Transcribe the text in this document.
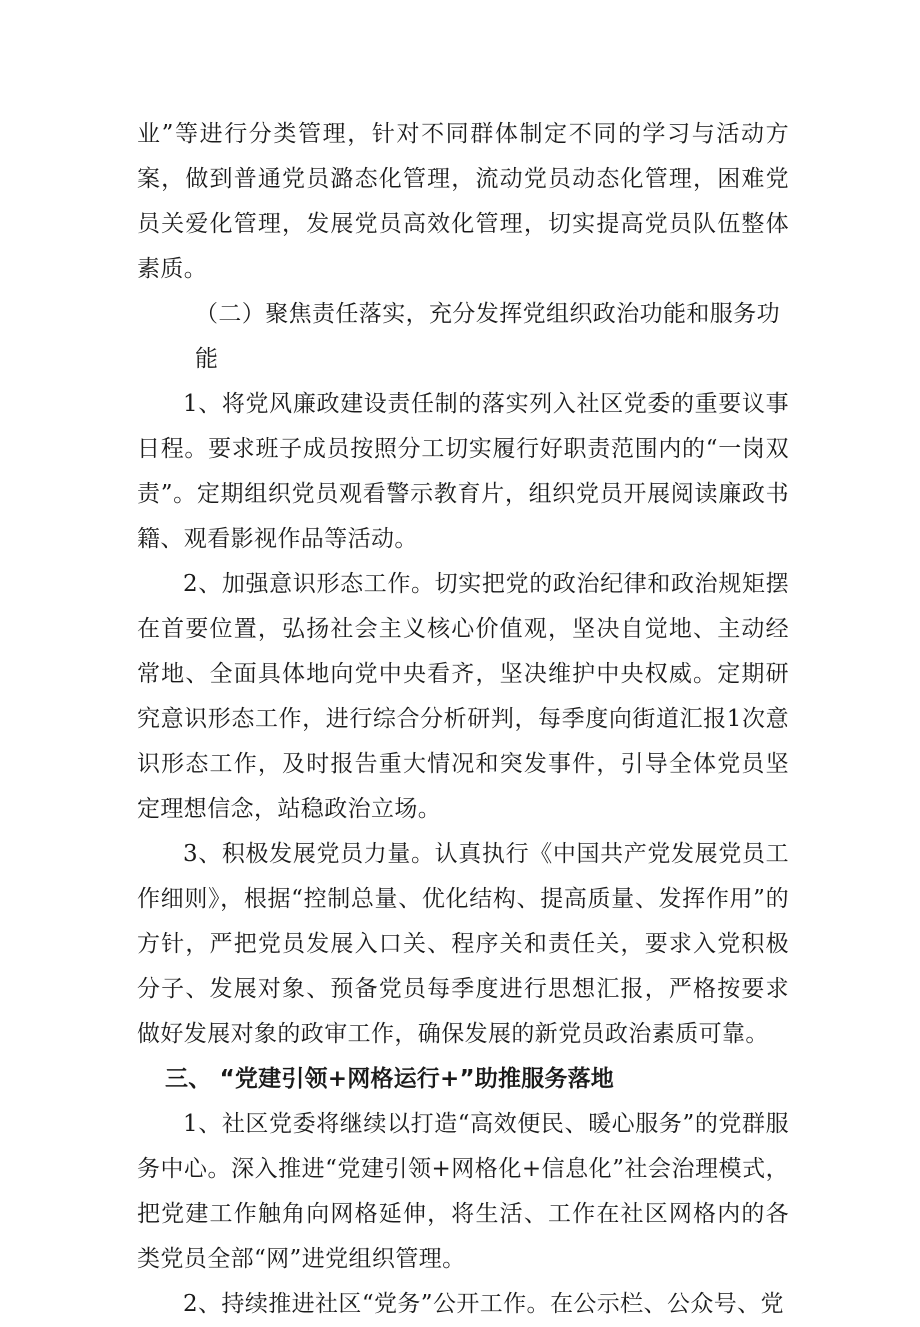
业”等进行分类管理，针对不同群体制定不同的学习与活动方案，做到普通党员潞态化管理，流动党员动态化管理，困难党员关爱化管理，发展党员高效化管理，切实提高党员队伍整体素质。

（二）聚焦责任落实，充分发挥党组织政治功能和服务功能

1、将党风廉政建设责任制的落实列入社区党委的重要议事日程。要求班子成员按照分工切实履行好职责范围内的“一岗双责”。定期组织党员观看警示教育片，组织党员开展阅读廉政书籍、观看影视作品等活动。

2、加强意识形态工作。切实把党的政治纪律和政治规矩摆在首要位置，弘扬社会主义核心价值观，坚决自觉地、主动经常地、全面具体地向党中央看齐，坚决维护中央权威。定期研究意识形态工作，进行综合分析研判，每季度向街道汇报1次意识形态工作，及时报告重大情况和突发事件，引导全体党员坚定理想信念，站稳政治立场。

3、积极发展党员力量。认真执行《中国共产党发展党员工作细则》，根据“控制总量、优化结构、提高质量、发挥作用”的方针，严把党员发展入口关、程序关和责任关，要求入党积极分子、发展对象、预备党员每季度进行思想汇报，严格按要求做好发展对象的政审工作，确保发展的新党员政治素质可靠。

三、 “党建引领+网格运行+”助推服务落地

1、社区党委将继续以打造“高效便民、暖心服务”的党群服务中心。深入推进“党建引领+网格化+信息化”社会治理模式，把党建工作触角向网格延伸，将生活、工作在社区网格内的各类党员全部“网”进党组织管理。

2、持续推进社区“党务”公开工作。在公示栏、公众号、党
